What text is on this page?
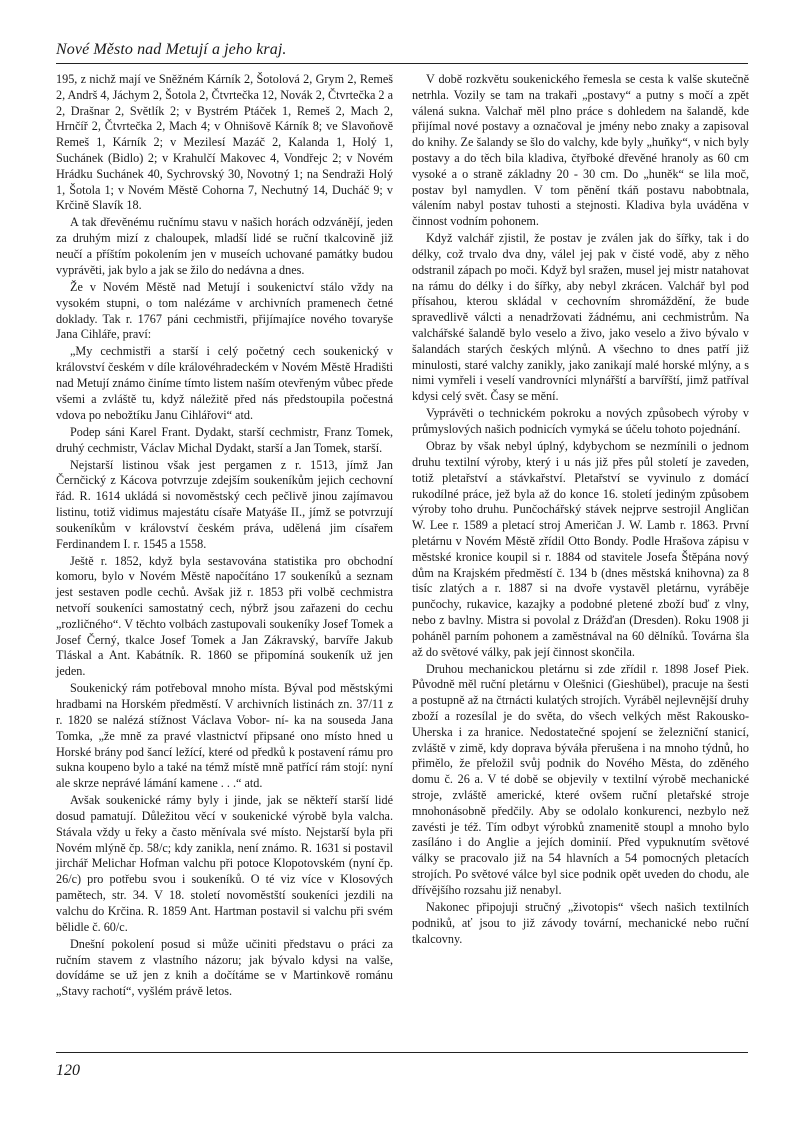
Nové Město nad Metují a jeho kraj.

195, z nichž mají ve Sněžném Kárník 2, Šotolová 2, Grym 2, Remeš 2, Andrš 4, Jáchym 2, Šotola 2, Čtvrtečka 12, Novák 2, Čtvrtečka 2 a 2, Drašnar 2, Světlík 2; v Bystrém Ptáček 1, Remeš 2, Mach 2, Hrnčíř 2, Čtvrtečka 2, Mach 4; v Ohnišově Kárník 8; ve Slavoňově Remeš 1, Kárník 2; v Mezilesí Mazáč 2, Kalanda 1, Holý 1, Suchánek (Bidlo) 2; v Krahulčí Makovec 4, Vondřejc 2; v Novém Hrádku Suchánek 40, Sychrovský 30, Novotný 1; na Sendraži Holý 1, Šotola 1; v Novém Městě Cohorna 7, Nechutný 14, Ducháč 9; v Krčině Slavík 18.

A tak dřevěnému ručnímu stavu v našich horách odzvánějí, jeden za druhým mizí z chaloupek, mladší lidé se ruční tkalcovině již neučí a příštím pokolením jen v museích uchované památky budou vyprávěti, jak bylo a jak se žilo do nedávna a dnes.

Že v Novém Městě nad Metují i soukenictví stálo vždy na vysokém stupni, o tom nalézáme v archivních pramenech četné doklady. Tak r. 1767 páni cechmistři, přijímajíce nového tovaryše Jana Cihláře, praví:

„My cechmistři a starší i celý početný cech soukenický v království českém v díle královéhradeckém v Novém Městě Hradišti nad Metují známo činíme tímto listem naším otevřeným vůbec přede všemi a zvláště tu, když náležitě před nás předstoupila počestná vdova po nebožtíku Janu Cihlářovi“ atd.

Podep sáni Karel Frant. Dydakt, starší cechmistr, Franz Tomek, druhý cechmistr, Václav Michal Dydakt, starší a Jan Tomek, starší.

Nejstarší listinou však jest pergamen z r. 1513, jímž Jan Černčický z Kácova potvrzuje zdejším soukeníkům jejich cechovní řád. R. 1614 ukládá si novoměstský cech pečlivě jinou zajímavou listinu, totiž vidimus majestátu císaře Matyáše II., jímž se potvrzují soukeníkům v království českém práva, udělená jim císařem Ferdinandem I. r. 1545 a 1558.

Ještě r. 1852, když byla sestavována statistika pro obchodní komoru, bylo v Novém Městě napočítáno 17 soukeníků a seznam jest sestaven podle cechů. Avšak již r. 1853 při volbě cechmistra netvoří soukeníci samostatný cech, nýbrž jsou zařazeni do cechu „rozličného“. V těchto volbách zastupovali soukeníky Josef Tomek a Josef Černý, tkalce Josef Tomek a Jan Zákravský, barvíře Jakub Tláskal a Ant. Kabátník. R. 1860 se připomíná soukeník už jen jeden.

Soukenický rám potřeboval mnoho místa. Býval pod městskými hradbami na Horském předměstí. V archivních listinách zn. 37/11 z r. 1820 se nalézá stížnost Václava Vobor- ní- ka na souseda Jana Tomka, „že mně za pravé vlastnictví připsané ono místo hned u Horské brány pod šancí ležící, které od předků k postavení rámu pro sukna koupeno bylo a také na témž místě mně patřící rám stojí: nyní ale skrze neprávé lámání kamene . . .“ atd.

Avšak soukenické rámy byly i jinde, jak se někteří starší lidé dosud pamatují. Důležitou věcí v soukenické výrobě byla valcha. Stávala vždy u řeky a často měnívala své místo. Nejstarší byla při Novém mlýně čp. 58/c; kdy zanikla, není známo. R. 1631 si postavil jirchář Melichar Hofman valchu při potoce Klopotovském (nyní čp. 26/c) pro potřebu svou i soukeníků. O té viz více v Klosových pamětech, str. 34. V 18. století novoměstští soukeníci jezdili na valchu do Krčina. R. 1859 Ant. Hartman postavil si valchu při svém bělidle č. 60/c.

Dnešní pokolení posud si může učiniti představu o práci za ručním stavem z vlastního názoru; jak bývalo kdysi na valše, dovídáme se už jen z knih a dočítáme se v Martinkově románu „Stavy rachotí“, vyšlém právě letos.

V době rozkvětu soukenického řemesla se cesta k valše skutečně netrhla. Vozily se tam na trakaři „postavy“ a putny s močí a zpět válená sukna. Valchař měl plno práce s dohledem na šalandě, kde přijímal nové postavy a označoval je jmény nebo znaky a zapisoval do knihy. Ze šalandy se šlo do valchy, kde byly „huňky“, v nich byly postavy a do těch bila kladiva, čtyřboké dřevěné hranoly as 60 cm vysoké a o straně základny 20 - 30 cm. Do „huněk“ se lila moč, postav byl namydlen. V tom pěnění tkáň postavu nabobtnala, válením nabyl postav tuhosti a stejnosti. Kladiva byla uváděna v činnost vodním pohonem.

Když valchář zjistil, že postav je zválen jak do šířky, tak i do délky, což trvalo dva dny, válel jej pak v čisté vodě, aby z něho odstranil zápach po moči. Když byl sražen, musel jej mistr natahovat na rámu do délky i do šířky, aby nebyl zkrácen. Valchář byl pod přísahou, kterou skládal v cechovním shromáždění, že bude spravedlivě válcti a nenadržovati žádnému, ani cechmistrům. Na valchářské šalandě bylo veselo a živo, jako veselo a živo bývalo v šalandách starých českých mlýnů. A všechno to dnes patří již minulosti, staré valchy zanikly, jako zanikají malé horské mlýny, a s nimi vymřeli i veselí vandrovníci mlynářští a barvířští, jimž patříval kdysi celý svět. Časy se mění.

Vyprávěti o technickém pokroku a nových způsobech výroby v průmyslových našich podnicích vymyká se účelu tohoto pojednání.

Obraz by však nebyl úplný, kdybychom se nezmínili o jednom druhu textilní výroby, který i u nás již přes půl století je zaveden, totiž pletařství a stávkařství. Pletařství se vyvinulo z domácí rukodílné práce, jež byla až do konce 16. století jediným způsobem výroby toho druhu. Punčochářský stávek nejprve sestrojil Angličan W. Lee r. 1589 a pletací stroj Američan J. W. Lamb r. 1863. První pletárnu v Novém Městě zřídil Otto Bondy. Podle Hrašova zápisu v městské kronice koupil si r. 1884 od stavitele Josefa Štěpána nový dům na Krajském předměstí č. 134 b (dnes městská knihovna) za 8 tisíc zlatých a r. 1887 si na dvoře vystavěl pletárnu, vyráběje punčochy, rukavice, kazajky a podobné pletené zboží buď z vlny, nebo z bavlny. Mistra si povolal z Drážďan (Dresden). Roku 1908 ji poháněl parním pohonem a zaměstnával na 60 dělníků. Továrna šla až do světové války, pak její činnost skončila.

Druhou mechanickou pletárnu si zde zřídil r. 1898 Josef Piek. Původně měl ruční pletárnu v Olešnici (Gieshübel), pracuje na šesti a postupně až na čtrnácti kulatých strojích. Vyráběl nejlevnější druhy zboží a rozesílal je do světa, do všech velkých měst Rakousko-Uherska i za hranice. Nedostatečné spojení se železniční stanicí, zvláště v zimě, kdy doprava býváła přerušena i na mnoho týdnů, ho přimělo, že přeložil svůj podnik do Nového Města, do zděného domu č. 26 a. V té době se objevily v textilní výrobě mechanické stroje, zvláště americké, které ovšem ruční pletařské stroje mnohonásobně předčily. Aby se odolalo konkurenci, nezbylo než zavésti je též. Tím odbyt výrobků znamenitě stoupl a mnoho bylo zasíláno i do Anglie a jejích dominií. Před vypuknutím světové války se pracovalo již na 54 hlavních a 54 pomocných pletacích strojích. Po světové válce byl sice podnik opět uveden do chodu, ale dřívějšího rozsahu již nenabyl.

Nakonec připojuji stručný „životopis“ všech našich textilních podniků, ať jsou to již závody tovární, mechanické nebo ruční tkalcovny.

120
